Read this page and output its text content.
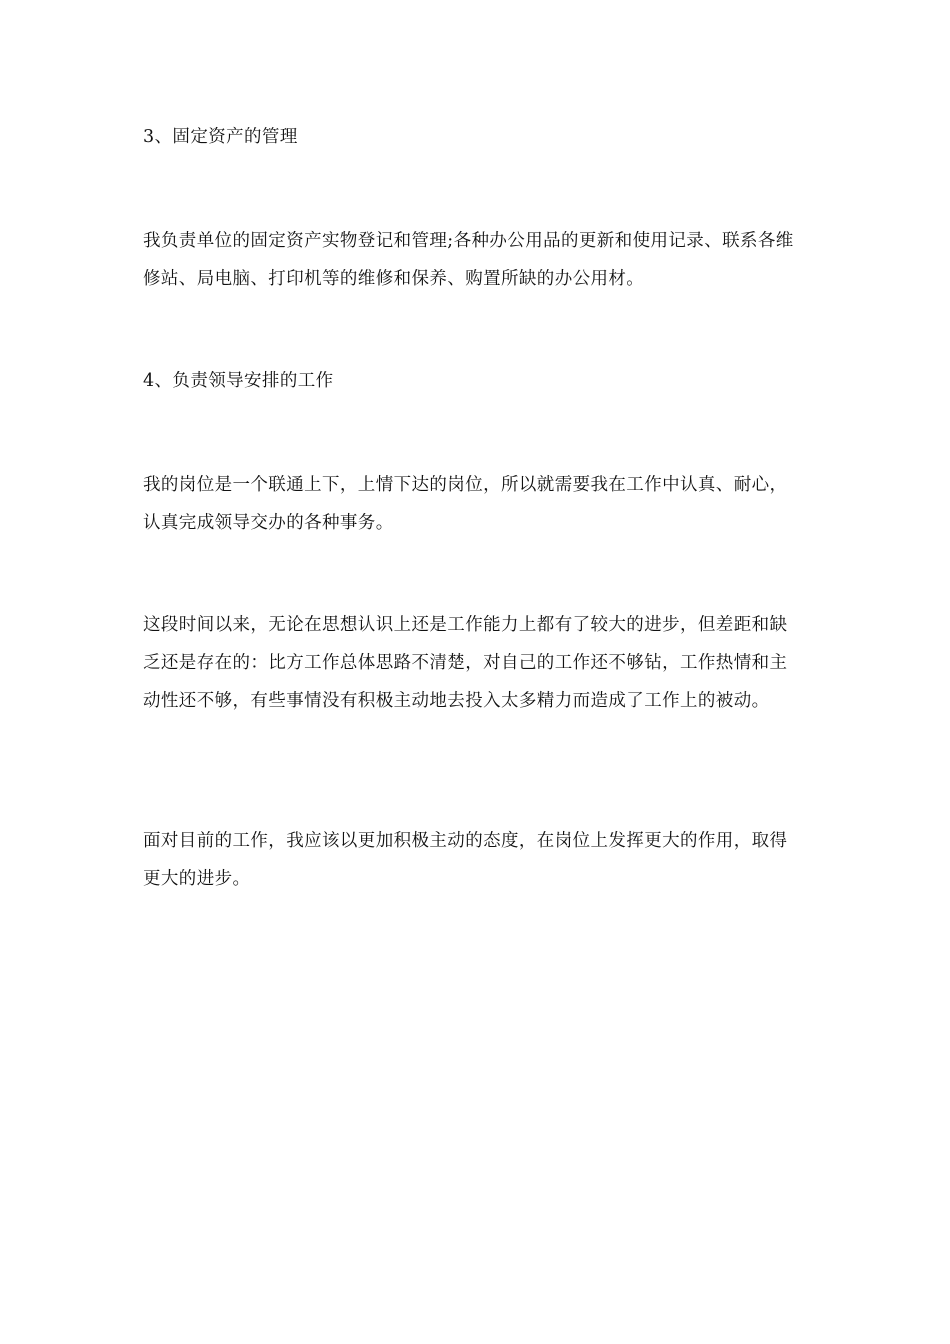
3、固定资产的管理

我负责单位的固定资产实物登记和管理;各种办公用品的更新和使用记录、联系各维修站、局电脑、打印机等的维修和保养、购置所缺的办公用材。

4、负责领导安排的工作

我的岗位是一个联通上下，上情下达的岗位，所以就需要我在工作中认真、耐心，认真完成领导交办的各种事务。

这段时间以来，无论在思想认识上还是工作能力上都有了较大的进步，但差距和缺乏还是存在的：比方工作总体思路不清楚，对自己的工作还不够钻，工作热情和主动性还不够，有些事情没有积极主动地去投入太多精力而造成了工作上的被动。

面对目前的工作，我应该以更加积极主动的态度，在岗位上发挥更大的作用，取得更大的进步。
